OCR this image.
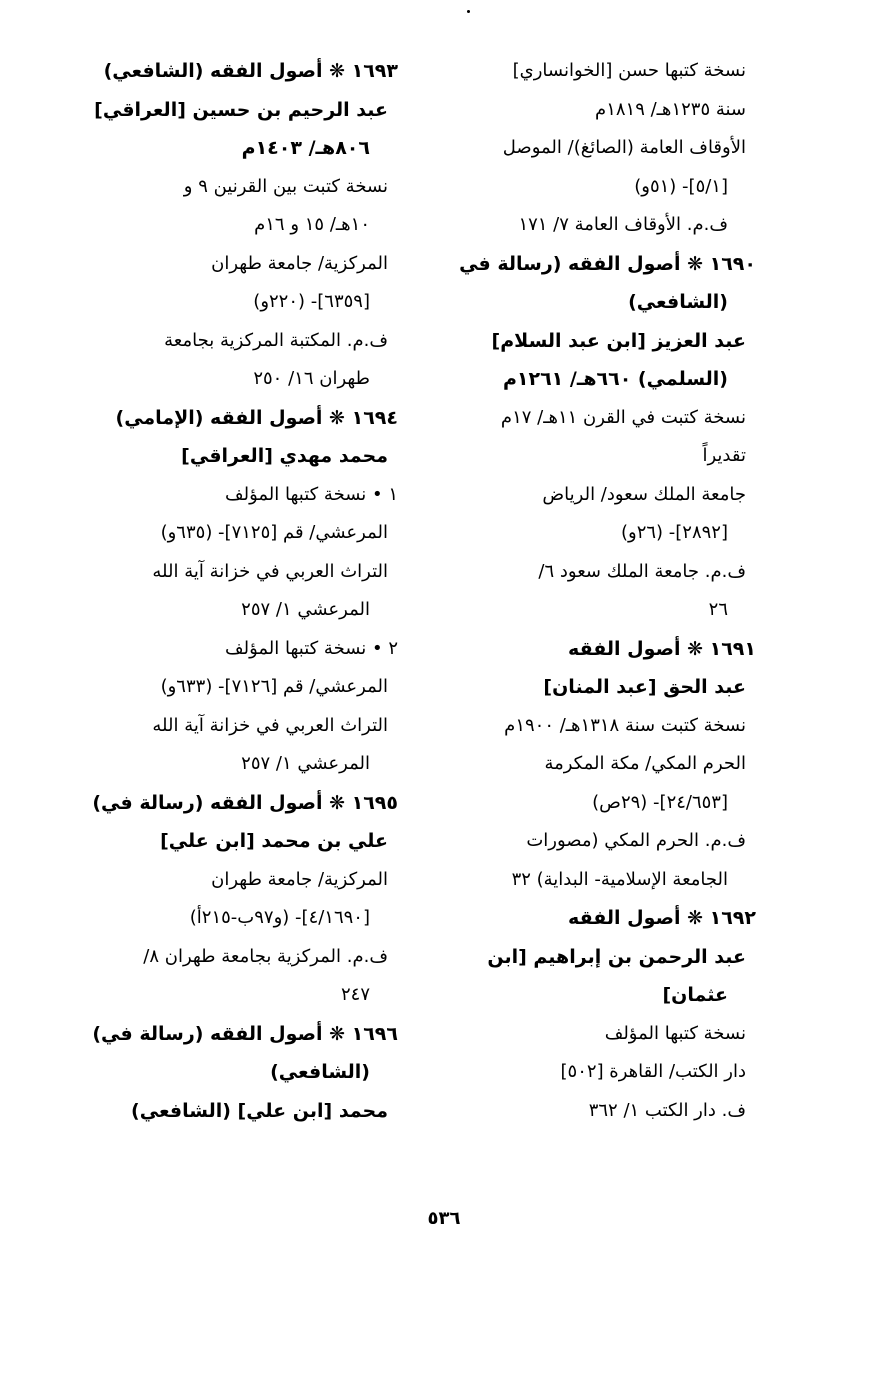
نسخة كتبها حسن [الخوانساري]
سنة ١٢٣٥هـ/ ١٨١٩م
الأوقاف العامة (الصائغ)/ الموصل
[٥/١]- (٥١و)
ف.م. الأوقاف العامة ٧/ ١٧١
١٦٩٠ ❋ أصول الفقه (رسالة في
(الشافعي)
عبد العزيز [ابن عبد السلام]
(السلمي) ٦٦٠هـ/ ١٢٦١م
نسخة كتبت في القرن ١١هـ/ ١٧م
تقديراً
جامعة الملك سعود/ الرياض
[٢٨٩٢]- (٢٦و)
ف.م. جامعة الملك سعود ٦/
٢٦
١٦٩١ ❋ أصول الفقه
عبد الحق [عبد المنان]
نسخة كتبت سنة ١٣١٨هـ/ ١٩٠٠م
الحرم المكي/ مكة المكرمة
[٢٤/٦٥٣]- (٢٩ص)
ف.م. الحرم المكي (مصورات
الجامعة الإسلامية- البداية) ٣٢
١٦٩٢ ❋ أصول الفقه
عبد الرحمن بن إبراهيم [ابن
عثمان]
نسخة كتبها المؤلف
دار الكتب/ القاهرة [٥٠٢]
ف. دار الكتب ١/ ٣٦٢
١٦٩٣ ❋ أصول الفقه (الشافعي)
عبد الرحيم بن حسين [العراقي]
٨٠٦هـ/ ١٤٠٣م
نسخة كتبت بين القرنين ٩ و
١٠هـ/ ١٥ و ١٦م
المركزية/ جامعة طهران
[٦٣٥٩]- (٢٢٠و)
ف.م. المكتبة المركزية بجامعة
طهران ١٦/ ٢٥٠
١٦٩٤ ❋ أصول الفقه (الإمامي)
محمد مهدي [العراقي]
١ • نسخة كتبها المؤلف
المرعشي/ قم [٧١٢٥]- (٦٣٥و)
التراث العربي في خزانة آية الله
المرعشي ١/ ٢٥٧
٢ • نسخة كتبها المؤلف
المرعشي/ قم [٧١٢٦]- (٦٣٣و)
التراث العربي في خزانة آية الله
المرعشي ١/ ٢٥٧
١٦٩٥ ❋ أصول الفقه (رسالة في)
علي بن محمد [ابن علي]
المركزية/ جامعة طهران
[٤/١٦٩٠]- (و٩٧ب-٢١٥أ)
ف.م. المركزية بجامعة طهران ٨/
٢٤٧
١٦٩٦ ❋ أصول الفقه (رسالة في)
(الشافعي)
محمد [ابن علي] (الشافعي)
٥٣٦
